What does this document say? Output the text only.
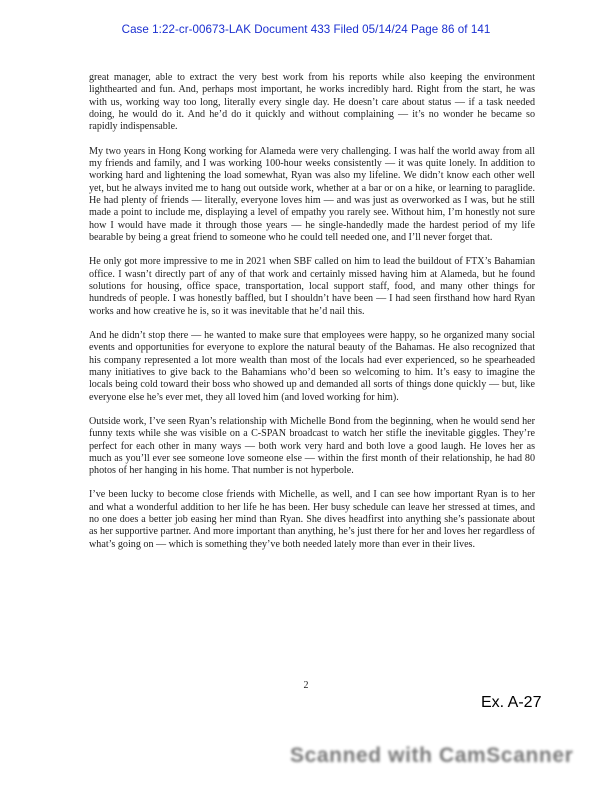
Case 1:22-cr-00673-LAK Document 433 Filed 05/14/24 Page 86 of 141

great manager, able to extract the very best work from his reports while also keeping the environment lighthearted and fun. And, perhaps most important, he works incredibly hard. Right from the start, he was with us, working way too long, literally every single day. He doesn’t care about status — if a task needed doing, he would do it. And he’d do it quickly and without complaining — it’s no wonder he became so rapidly indispensable.

My two years in Hong Kong working for Alameda were very challenging. I was half the world away from all my friends and family, and I was working 100-hour weeks consistently — it was quite lonely. In addition to working hard and lightening the load somewhat, Ryan was also my lifeline. We didn’t know each other well yet, but he always invited me to hang out outside work, whether at a bar or on a hike, or learning to paraglide. He had plenty of friends — literally, everyone loves him — and was just as overworked as I was, but he still made a point to include me, displaying a level of empathy you rarely see. Without him, I’m honestly not sure how I would have made it through those years — he single-handedly made the hardest period of my life bearable by being a great friend to someone who he could tell needed one, and I’ll never forget that.

He only got more impressive to me in 2021 when SBF called on him to lead the buildout of FTX’s Bahamian office. I wasn’t directly part of any of that work and certainly missed having him at Alameda, but he found solutions for housing, office space, transportation, local support staff, food, and many other things for hundreds of people. I was honestly baffled, but I shouldn’t have been — I had seen firsthand how hard Ryan works and how creative he is, so it was inevitable that he’d nail this.

And he didn’t stop there — he wanted to make sure that employees were happy, so he organized many social events and opportunities for everyone to explore the natural beauty of the Bahamas. He also recognized that his company represented a lot more wealth than most of the locals had ever experienced, so he spearheaded many initiatives to give back to the Bahamians who’d been so welcoming to him. It’s easy to imagine the locals being cold toward their boss who showed up and demanded all sorts of things done quickly — but, like everyone else he’s ever met, they all loved him (and loved working for him).

Outside work, I’ve seen Ryan’s relationship with Michelle Bond from the beginning, when he would send her funny texts while she was visible on a C-SPAN broadcast to watch her stifle the inevitable giggles. They’re perfect for each other in many ways — both work very hard and both love a good laugh. He loves her as much as you’ll ever see someone love someone else — within the first month of their relationship, he had 80 photos of her hanging in his home. That number is not hyperbole.

I’ve been lucky to become close friends with Michelle, as well, and I can see how important Ryan is to her and what a wonderful addition to her life he has been. Her busy schedule can leave her stressed at times, and no one does a better job easing her mind than Ryan. She dives headfirst into anything she’s passionate about as her supportive partner. And more important than anything, he’s just there for her and loves her regardless of what’s going on — which is something they’ve both needed lately more than ever in their lives.

2
Ex. A-27
Scanned with CamScanner
